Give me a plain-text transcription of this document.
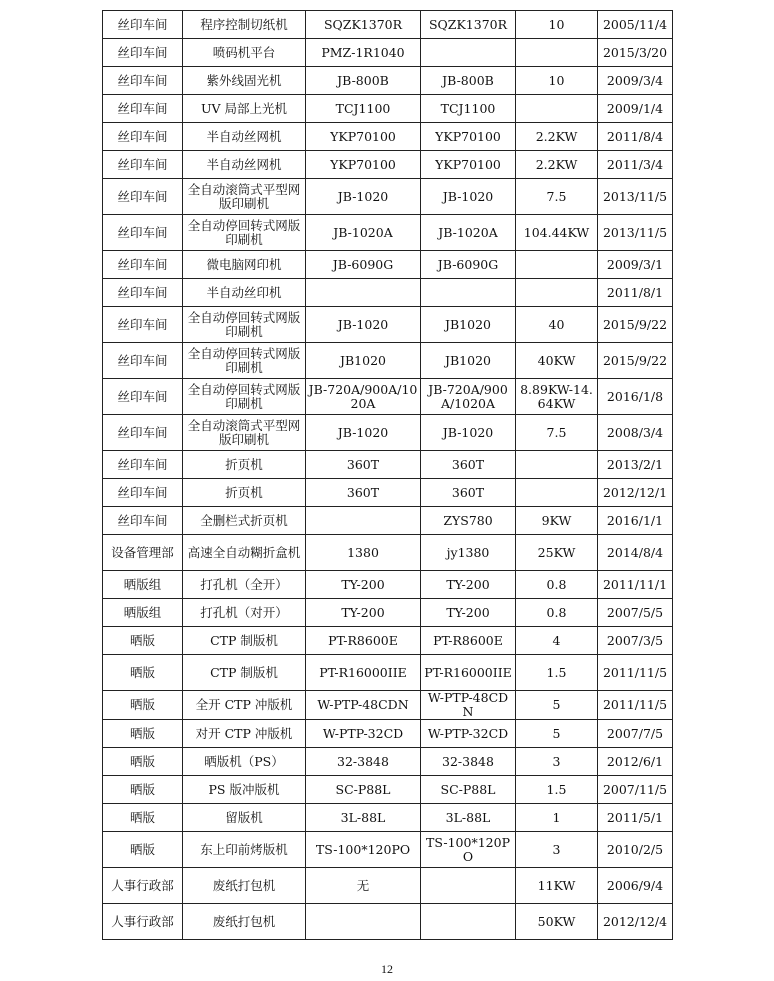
丝印车间	程序控制切纸机	SQZK1370R	SQZK1370R	10	2005/11/4
丝印车间	喷码机平台	PMZ-1R1040			2015/3/20
丝印车间	紫外线固光机	JB-800B	JB-800B	10	2009/3/4
丝印车间	UV 局部上光机	TCJ1100	TCJ1100		2009/1/4
丝印车间	半自动丝网机	YKP70100	YKP70100	2.2KW	2011/8/4
丝印车间	半自动丝网机	YKP70100	YKP70100	2.2KW	2011/3/4
丝印车间	全自动滚筒式平型网版印刷机	JB-1020	JB-1020	7.5	2013/11/5
丝印车间	全自动停回转式网版印刷机	JB-1020A	JB-1020A	104.44KW	2013/11/5
丝印车间	微电脑网印机	JB-6090G	JB-6090G		2009/3/1
丝印车间	半自动丝印机				2011/8/1
丝印车间	全自动停回转式网版印刷机	JB-1020	JB1020	40	2015/9/22
丝印车间	全自动停回转式网版印刷机	JB1020	JB1020	40KW	2015/9/22
丝印车间	全自动停回转式网版印刷机	JB-720A/900A/1020A	JB-720A/900A/1020A	8.89KW-14.64KW	2016/1/8
丝印车间	全自动滚筒式平型网版印刷机	JB-1020	JB-1020	7.5	2008/3/4
丝印车间	折页机	360T	360T		2013/2/1
丝印车间	折页机	360T	360T		2012/12/1
丝印车间	全删栏式折页机		ZYS780	9KW	2016/1/1
设备管理部	高速全自动糊折盒机	1380	jy1380	25KW	2014/8/4
晒版组	打孔机（全开）	TY-200	TY-200	0.8	2011/11/1
晒版组	打孔机（对开）	TY-200	TY-200	0.8	2007/5/5
晒版	CTP 制版机	PT-R8600E	PT-R8600E	4	2007/3/5
晒版	CTP 制版机	PT-R16000IIE	PT-R16000IIE	1.5	2011/11/5
晒版	全开 CTP 冲版机	W-PTP-48CDN	W-PTP-48CDN	5	2011/11/5
晒版	对开 CTP 冲版机	W-PTP-32CD	W-PTP-32CD	5	2007/7/5
晒版	晒版机（PS）	32-3848	32-3848	3	2012/6/1
晒版	PS 版冲版机	SC-P88L	SC-P88L	1.5	2007/11/5
晒版	留版机	3L-88L	3L-88L	1	2011/5/1
晒版	东上印前烤版机	TS-100*120PO	TS-100*120PO	3	2010/2/5
人事行政部	废纸打包机	无		11KW	2006/9/4
人事行政部	废纸打包机			50KW	2012/12/4
12
